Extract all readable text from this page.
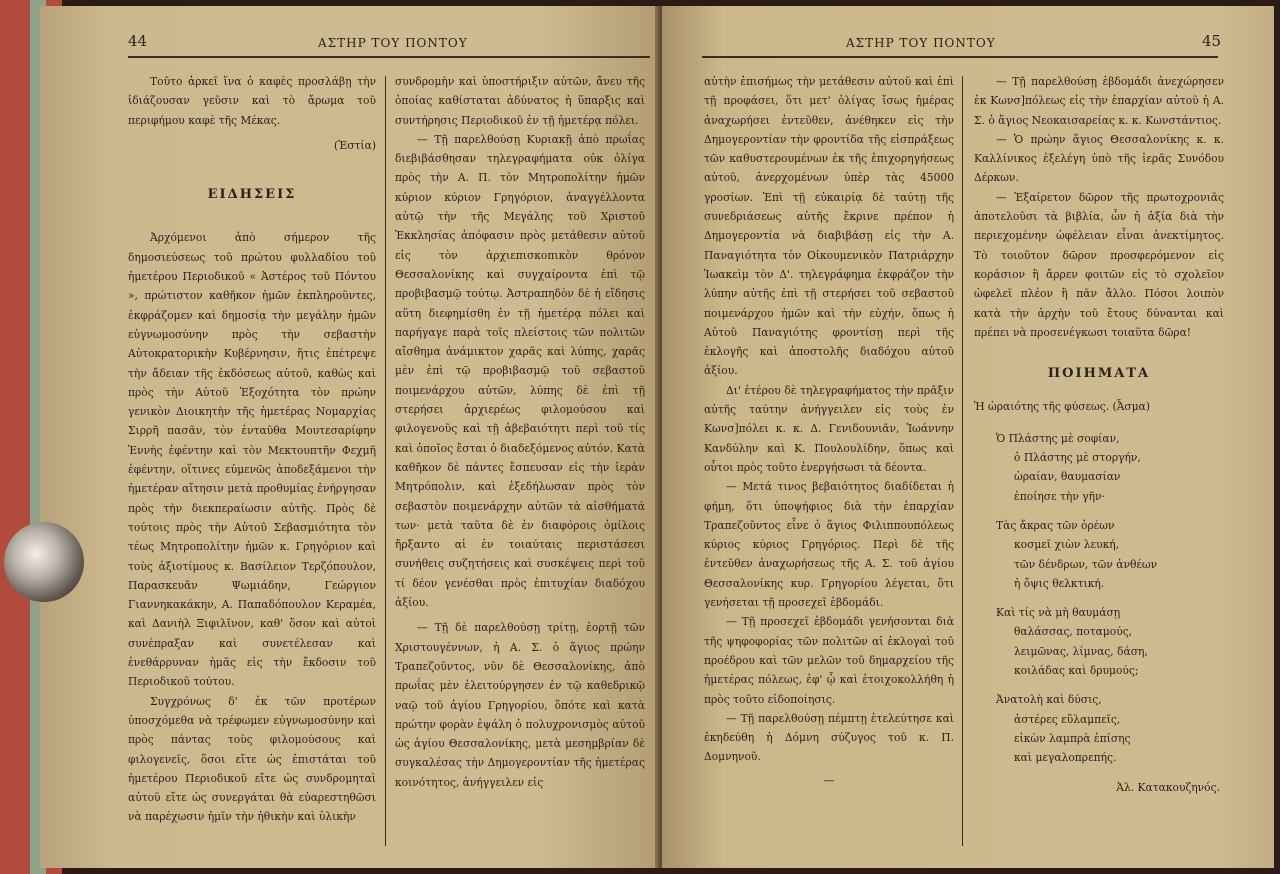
44	ΑΣΤΗΡ ΤΟΥ ΠΟΝΤΟΥ

Τοῦτο ἀρκεῖ ἵνα ὁ καφὲς προσλάβῃ τὴν ἰδιάζουσαν γεῦσιν καὶ τὸ ἄρωμα τοῦ περιφήμου καφὲ τῆς Μέκας.

(Ἑστία)

ΕΙΔΗΣΕΙΣ

Ἀρχόμενοι ἀπὸ σήμερον τῆς δημοσιεύσεως τοῦ πρώτου φυλλαδίου τοῦ ἡμετέρου Περιοδικοῦ « Ἀστέρος τοῦ Πόντου », πρώτιστον καθῆκον ἡμῶν ἐκπληροῦντες, ἐκφράζομεν καὶ δημοσίᾳ τὴν μεγάλην ἡμῶν εὐγνωμοσύνην πρὸς τὴν σεβαστὴν Αὐτοκρατορικὴν Κυβέρνησιν, ἥτις ἐπέτρεψε τὴν ἄδειαν τῆς ἐκδόσεως αὐτοῦ, καθὼς καὶ πρὸς τὴν Αὐτοῦ Ἐξοχότητα τὸν πρώην γενικὸν Διοικητὴν τῆς ἡμετέρας Νομαρχίας Σιρρῆ πασᾶν, τὸν ἐνταῦθα Μουτεσαρίφην Ἐννὴς ἐφέντην καὶ τὸν Μεκτουπτῆν Φεχμῆ ἐφέντην, οἵτινες εὐμενῶς ἀποδεξάμενοι τὴν ἡμετέραν αἴτησιν μετὰ προθυμίας ἐνήργησαν πρὸς τὴν διεκπεραίωσιν αὐτῆς. Πρὸς δὲ τούτοις πρὸς τὴν Αὐτοῦ Σεβασμιότητα τὸν τέως Μητροπολίτην ἡμῶν κ. Γρηγόριον καὶ τοὺς ἀξιοτίμους κ. Βασίλειον Τερζόπουλον, Παρασκευᾶν Ψωμιάδην, Γεώργιον Γιαννηκακάκην, Α. Παπαδόπουλον Κεραμέα, καὶ Δανιὴλ Ξιφιλῖνον, καθ' ὅσον καὶ αὐτοὶ συνέπραξαν καὶ συνετέλεσαν καὶ ἐνεθάρρυναν ἡμᾶς εἰς τὴν ἔκδοσιν τοῦ Περιοδικοῦ τούτου.

Συγχρόνως δ' ἐκ τῶν προτέρων ὑποσχόμεθα νὰ τρέφωμεν εὐγνωμοσύνην καὶ πρὸς πάντας τοὺς φιλομούσους καὶ φιλογενεῖς, ὅσοι εἴτε ὡς ἐπιστάται τοῦ ἡμετέρου Περιοδικοῦ εἴτε ὡς συνδρομηταὶ αὐτοῦ εἴτε ὡς συνεργάται θὰ εὐαρεστηθῶσι νὰ παρέχωσιν ἡμῖν τὴν ἠθικὴν καὶ ὑλικὴν

συνδρομὴν καὶ ὑποστήριξιν αὐτῶν, ἄνευ τῆς ὁποίας καθίσταται ἀδύνατος ἡ ὕπαρξις καὶ συντήρησις Περιοδικοῦ ἐν τῇ ἡμετέρᾳ πόλει.

— Τῇ παρελθούσῃ Κυριακῇ ἀπὸ πρωΐας διεβιβάσθησαν τηλεγραφήματα οὐκ ὀλίγα πρὸς τὴν Α. Π. τὸν Μητροπολίτην ἡμῶν κύριον κύριον Γρηγόριον, ἀναγγέλλοντα αὐτῷ τὴν τῆς Μεγάλης τοῦ Χριστοῦ Ἐκκλησίας ἀπόφασιν πρὸς μετάθεσιν αὐτοῦ εἰς τὸν ἀρχιεπισκοπικὸν θρόνον Θεσσαλονίκης καὶ συγχαίροντα ἐπὶ τῷ προβιβασμῷ τούτῳ. Ἀστραπηδὸν δὲ ἡ εἴδησις αὕτη διεφημίσθη ἐν τῇ ἡμετέρᾳ πόλει καὶ παρήγαγε παρὰ τοῖς πλείστοις τῶν πολιτῶν αἴσθημα ἀνάμικτον χαρᾶς καὶ λύπης, χαρᾶς μὲν ἐπὶ τῷ προβιβασμῷ τοῦ σεβαστοῦ ποιμενάρχου αὐτῶν, λύπης δὲ ἐπὶ τῇ στερήσει ἀρχιερέως φιλομούσου καὶ φιλογενοῦς καὶ τῇ ἀβεβαιότητι περὶ τοῦ τίς καὶ ὁποῖος ἔσται ὁ διαδεξόμενος αὐτόν. Κατὰ καθῆκον δὲ πάντες ἔσπευσαν εἰς τὴν ἱερὰν Μητρόπολιν, καὶ ἐξεδήλωσαν πρὸς τὸν σεβαστὸν ποιμενάρχην αὐτῶν τὰ αἰσθήματά των· μετὰ ταῦτα δὲ ἐν διαφόροις ὁμίλοις ἤρξαντο αἱ ἐν τοιαύταις περιστάσεσι συνήθεις συζητήσεις καὶ συσκέψεις περὶ τοῦ τί δέον γενέσθαι πρὸς ἐπιτυχίαν διαδόχου ἀξίου.

— Τῇ δὲ παρελθούσῃ τρίτῃ, ἑορτῇ τῶν Χριστουγέννων, ἡ Α. Σ. ὁ ἅγιος πρώην Τραπεζοῦντος, νῦν δὲ Θεσσαλονίκης, ἀπὸ πρωΐας μὲν ἐλειτούργησεν ἐν τῷ καθεδρικῷ ναῷ τοῦ ἁγίου Γρηγορίου, ὅπότε καὶ κατὰ πρώτην φορὰν ἐψάλη ὁ πολυχρονισμὸς αὐτοῦ ὡς ἁγίου Θεσσαλονίκης, μετὰ μεσημβρίαν δὲ συγκαλέσας τὴν Δημογεροντίαν τῆς ἡμετέρας κοινότητος, ἀνήγγειλεν εἰς

ΑΣΤΗΡ ΤΟΥ ΠΟΝΤΟΥ	45

αὐτὴν ἐπισήμως τὴν μετάθεσιν αὐτοῦ καὶ ἐπὶ τῇ προφάσει, ὅτι μετ' ὀλίγας ἴσως ἡμέρας ἀναχωρήσει ἐντεῦθεν, ἀνέθηκεν εἰς τὴν Δημογεροντίαν τὴν φροντίδα τῆς εἰσπράξεως τῶν καθυστερουμένων ἐκ τῆς ἐπιχορηγήσεως αὐτοῦ, ἀνερχομένων ὑπὲρ τὰς 45000 γροσίων. Ἐπὶ τῇ εὐκαιρίᾳ δὲ ταύτῃ τῆς συνεδριάσεως αὐτῆς ἔκρινε πρέπον ἡ Δημογεροντία νὰ διαβιβάσῃ εἰς τὴν Α. Παναγιότητα τὸν Οἰκουμενικὸν Πατριάρχην Ἰωακεὶμ τὸν Δ'. τηλεγράφημα ἐκφράζον τὴν λύπην αὐτῆς ἐπὶ τῇ στερήσει τοῦ σεβαστοῦ ποιμενάρχου ἡμῶν καὶ τὴν εὐχήν, ὅπως ἡ Αὐτοῦ Παναγιότης φροντίσῃ περὶ τῆς ἐκλογῆς καὶ ἀποστολῆς διαδόχου αὐτοῦ ἀξίου.

Δι' ἑτέρου δὲ τηλεγραφήματος τὴν πρᾶξιν αὐτῆς ταύτην ἀνήγγειλεν εἰς τοὺς ἐν Κωνσ]πόλει κ. κ. Δ. Γενιδουνιᾶν, Ἰωάννην Κανδύλην καὶ Κ. Πουλουλίδην, ὅπως καὶ οὗτοι πρὸς τοῦτο ἐνεργήσωσι τὰ δέοντα.

— Μετά τινος βεβαιότητος διαδίδεται ἡ φήμη, ὅτι ὑποψήφιος διὰ τὴν ἐπαρχίαν Τραπεζοῦντος εἶνε ὁ ἅγιος Φιλιππουπόλεως κύριος κύριος Γρηγόριος. Περὶ δὲ τῆς ἐντεῦθεν ἀναχωρήσεως τῆς Α. Σ. τοῦ ἁγίου Θεσσαλονίκης κυρ. Γρηγορίου λέγεται, ὅτι γενήσεται τῇ προσεχεῖ ἑβδομάδι.

— Τῇ προσεχεῖ ἑβδομάδι γενήσονται διὰ τῆς ψηφοφορίας τῶν πολιτῶν αἱ ἐκλογαὶ τοῦ προέδρου καὶ τῶν μελῶν τοῦ δημαρχείου τῆς ἡμετέρας πόλεως, ἐφ' ᾧ καὶ ἑτοιχοκολλήθη ἡ πρὸς τοῦτο εἰδοποίησις.

— Τῇ παρελθούσῃ πέμπτῃ ἐτελεύτησε καὶ ἐκηδεύθη ἡ Δόμνη σύζυγος τοῦ κ. Π. Δομνηνοῦ.

—

— Τῇ παρελθούσῃ ἑβδομάδι ἀνεχώρησεν ἐκ Κωνσ]πόλεως εἰς τὴν ἐπαρχίαν αὐτοῦ ἡ Α. Σ. ὁ ἅγιος Νεοκαισαρείας κ. κ. Κωνστάντιος.

— Ὁ πρώην ἅγιος Θεσσαλονίκης κ. κ. Καλλίνικος ἐξελέγη ὑπὸ τῆς ἱερᾶς Συνόδου Δέρκων.

— Ἐξαίρετον δῶρον τῆς πρωτοχρονιᾶς ἀποτελοῦσι τὰ βιβλία, ὧν ἡ ἀξία διὰ τὴν περιεχομένην ὠφέλειαν εἶναι ἀνεκτίμητος. Τὸ τοιοῦτον δῶρον προσφερόμενον εἰς κοράσιον ἢ ἄρρεν φοιτῶν εἰς τὸ σχολεῖον ὠφελεῖ πλέον ἢ πᾶν ἄλλο. Πόσοι λοιπὸν κατὰ τὴν ἀρχὴν τοῦ ἔτους δύνανται καὶ πρέπει νὰ προσενέγκωσι τοιαῦτα δῶρα!

ΠΟΙΗΜΑΤΑ

Ἡ ὡραιότης τῆς φύσεως. (Ἆσμα)

Ὁ Πλάστης μὲ σοφίαν,

ὁ Πλάστης μὲ στοργήν,

ὡραίαν, θαυμασίαν

ἐποίησε τὴν γῆν·

Τὰς ἄκρας τῶν ὀρέων

κοσμεῖ χιὼν λευκή,

τῶν δένδρων, τῶν ἀνθέων

ἡ ὄψις θελκτική.

Καὶ τίς νὰ μὴ θαυμάσῃ

θαλάσσας, ποταμούς,

λειμῶνας, λίμνας, δάση,

κοιλάδας καὶ δρυμούς;

Ἀνατολὴ καὶ δύσις,

ἀστέρες εὔλαμπεῖς,

εἰκὼν λαμπρὰ ἐπίσης

καὶ μεγαλοπρεπής.

Ἀλ. Κατακουζηνός.
